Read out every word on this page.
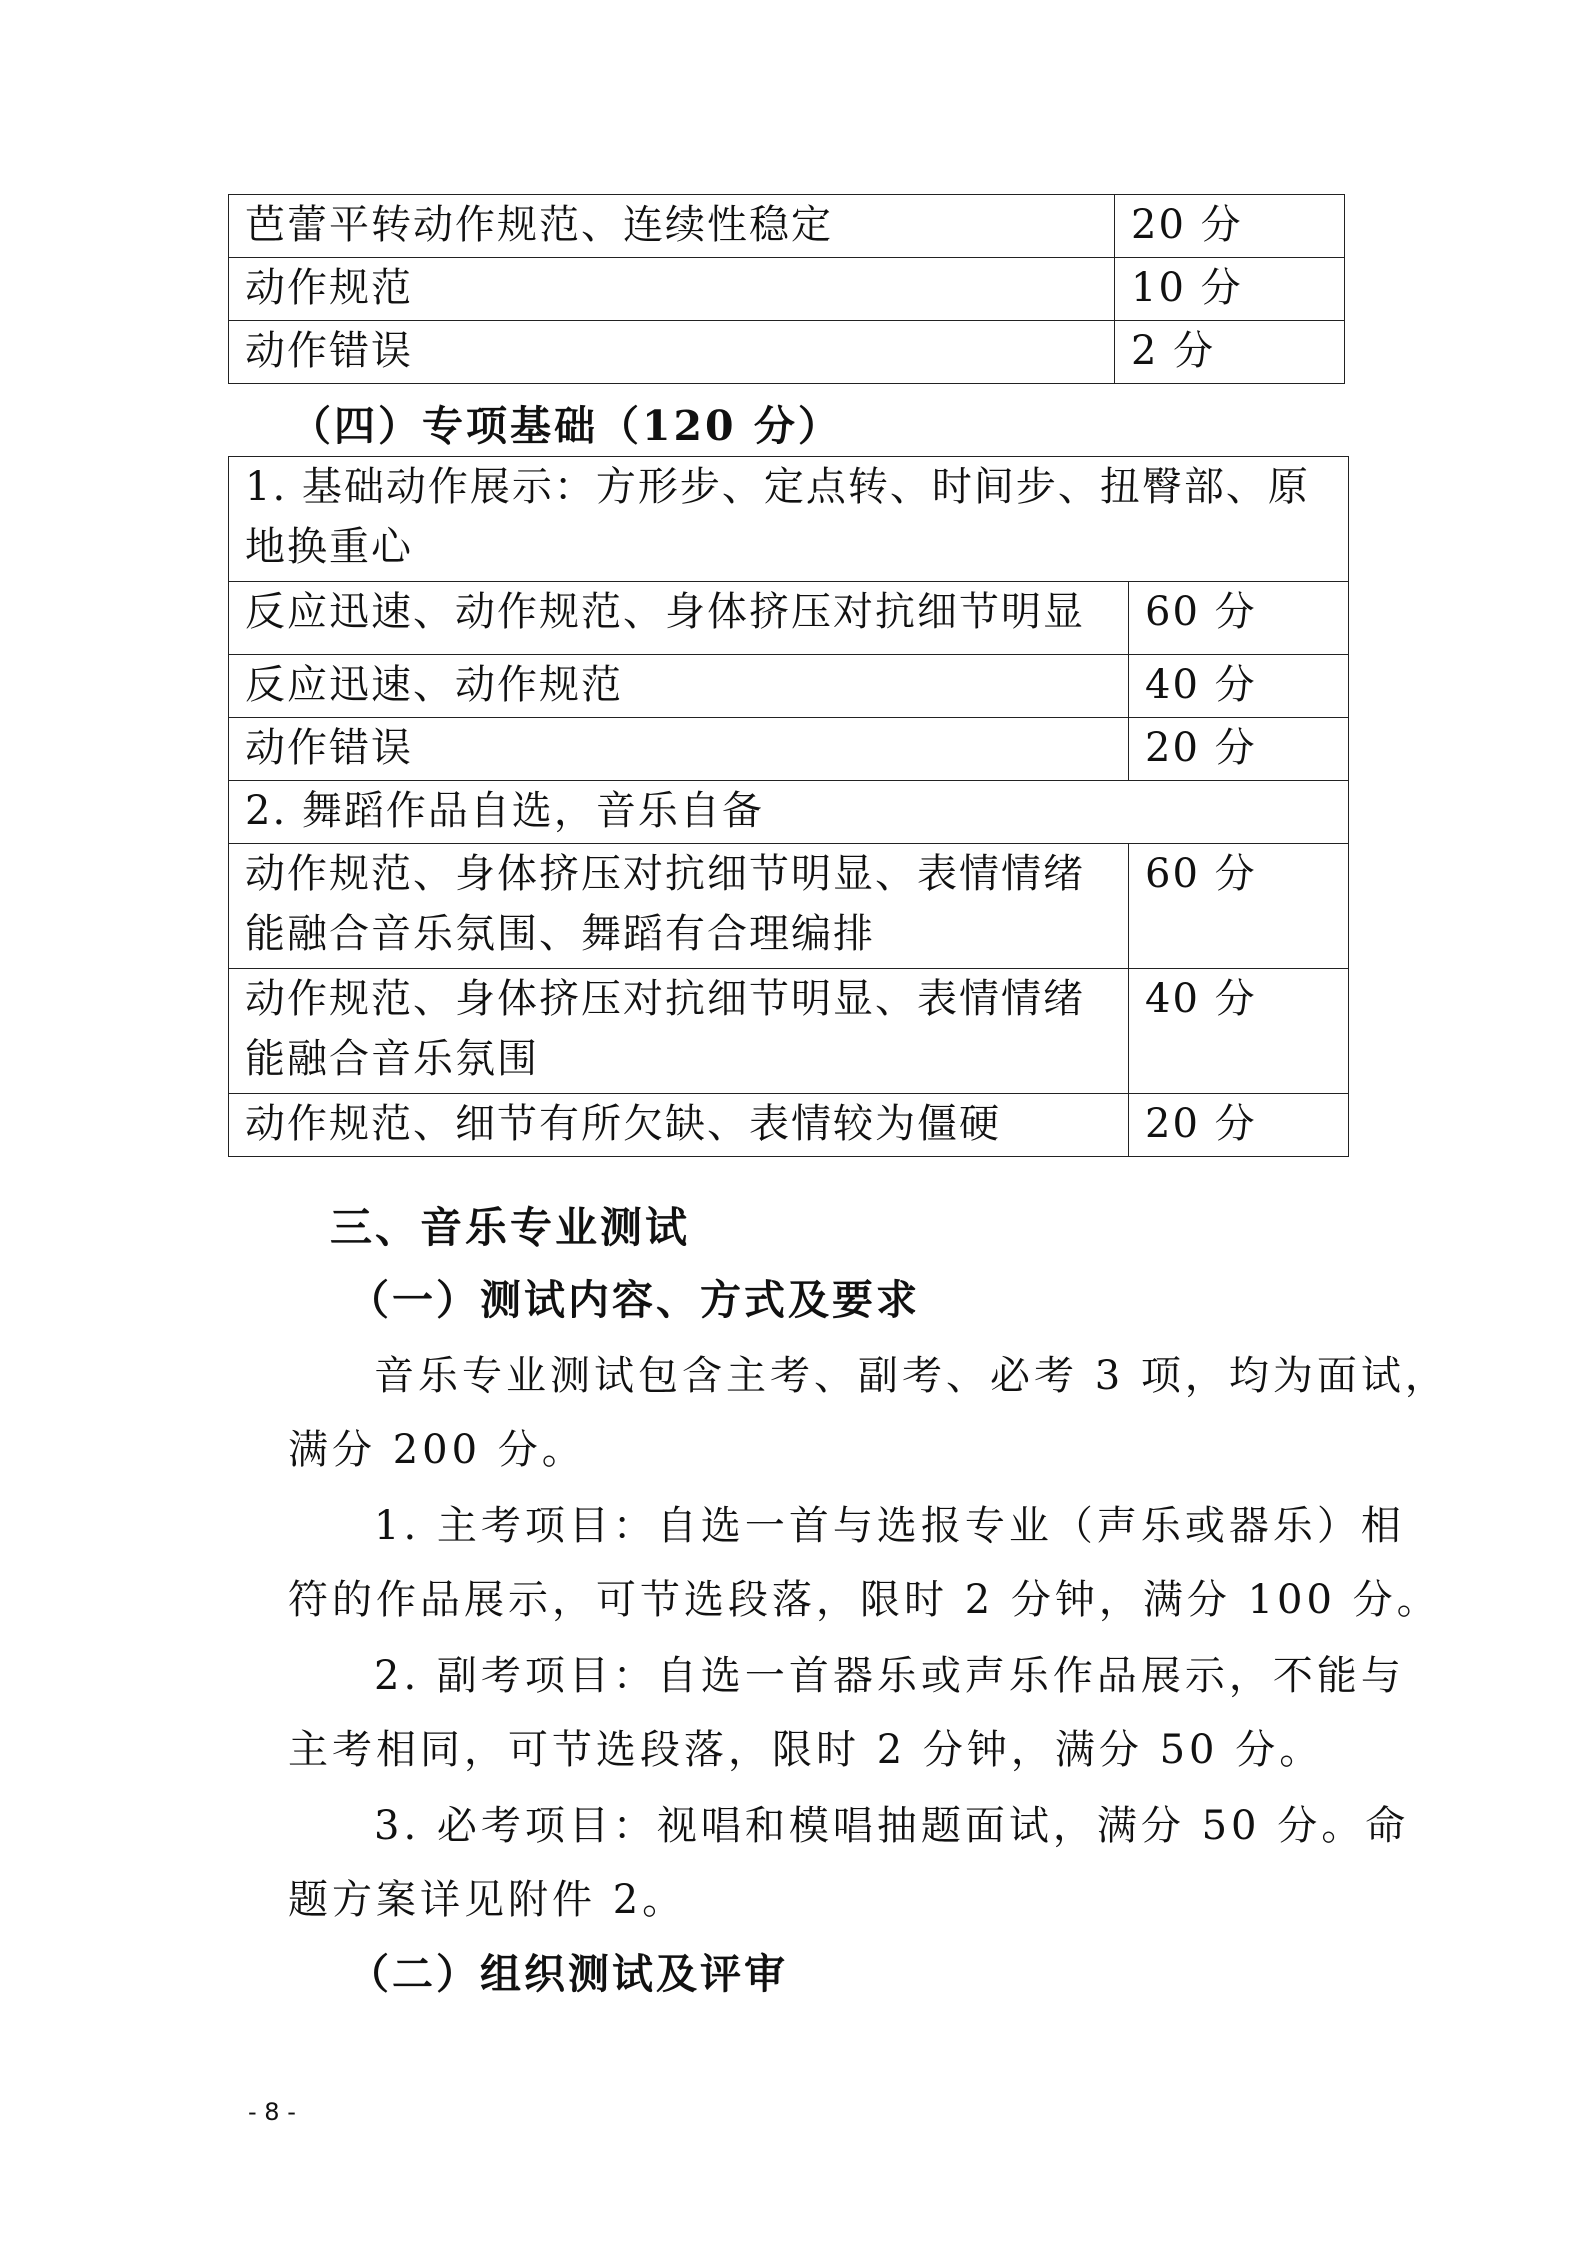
芭蕾平转动作规范、连续性稳定	20 分
动作规范	10 分
动作错误	2 分
（四）专项基础（120 分）
1. 基础动作展示：方形步、定点转、时间步、扭臀部、原地换重心	
反应迅速、动作规范、身体挤压对抗细节明显	60 分
反应迅速、动作规范	40 分
动作错误	20 分
2. 舞蹈作品自选，音乐自备	
动作规范、身体挤压对抗细节明显、表情情绪能融合音乐氛围、舞蹈有合理编排	60 分
动作规范、身体挤压对抗细节明显、表情情绪能融合音乐氛围	40 分
动作规范、细节有所欠缺、表情较为僵硬	20 分
三、音乐专业测试
（一）测试内容、方式及要求
音乐专业测试包含主考、副考、必考 3 项，均为面试，
满分 200 分。
1. 主考项目：自选一首与选报专业（声乐或器乐）相
符的作品展示，可节选段落，限时 2 分钟，满分 100 分。
2. 副考项目：自选一首器乐或声乐作品展示，不能与
主考相同，可节选段落，限时 2 分钟，满分 50 分。
3. 必考项目：视唱和模唱抽题面试，满分 50 分。命
题方案详见附件 2。
（二）组织测试及评审
- 8 -
